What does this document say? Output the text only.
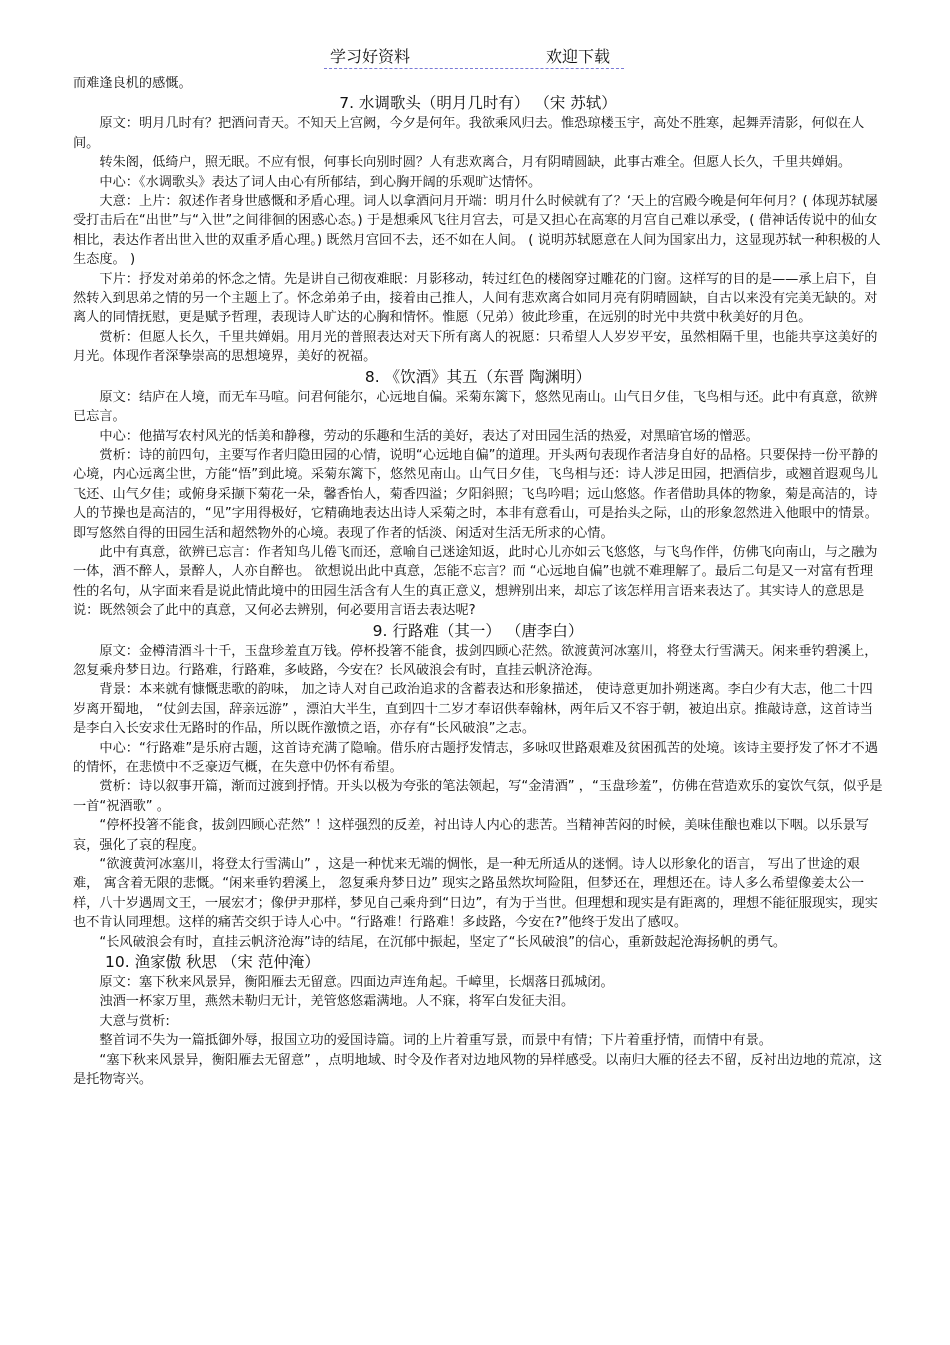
学习好资料	欢迎下载

而难逢良机的感慨。

7. 水调歌头（明月几时有） （宋 苏轼）

原文：明月几时有？把酒问青天。不知天上宫阙，今夕是何年。我欲乘风归去。惟恐琼楼玉宇，高处不胜寒，起舞弄清影，何似在人间。

转朱阁，低绮户，照无眠。不应有恨，何事长向别时圆？人有悲欢离合，月有阴晴圆缺，此事古难全。但愿人长久，千里共婵娟。

中心：《水调歌头》表达了词人由心有所郁结，到心胸开阔的乐观旷达情怀。

大意：上片：叙述作者身世感慨和矛盾心理。词人以拿酒问月开端：明月什么时候就有了？‘天上的宫殿今晚是何年何月？( 体现苏轼屡受打击后在“出世”与“入世”之间徘徊的困惑心态。) 于是想乘风飞往月宫去，可是又担心在高寒的月宫自己难以承受，( 借神话传说中的仙女相比，表达作者出世入世的双重矛盾心理。) 既然月宫回不去，还不如在人间。 ( 说明苏轼愿意在人间为国家出力，这显现苏轼一种积极的人生态度。 )

下片：抒发对弟弟的怀念之情。先是讲自己彻夜难眠：月影移动，转过红色的楼阁穿过雕花的门窗。这样写的目的是——承上启下，自然转入到思弟之情的另一个主题上了。怀念弟弟子由，接着由己推人，人间有悲欢离合如同月亮有阴晴圆缺，自古以来没有完美无缺的。对离人的同情抚慰，更是赋予哲理，表现诗人旷达的心胸和情怀。惟愿（兄弟）彼此珍重，在远别的时光中共赏中秋美好的月色。

赏析：但愿人长久，千里共婵娟。用月光的普照表达对天下所有离人的祝愿：只希望人人岁岁平安，虽然相隔千里，也能共享这美好的月光。体现作者深挚崇高的思想境界，美好的祝福。

8. 《饮酒》其五（东晋 陶渊明）

原文：结庐在人境，而无车马喧。问君何能尔，心远地自偏。采菊东篱下，悠然见南山。山气日夕佳，飞鸟相与还。此中有真意，欲辨已忘言。

中心：他描写农村风光的恬美和静穆，劳动的乐趣和生活的美好，表达了对田园生活的热爱，对黑暗官场的憎恶。

赏析：诗的前四句，主要写作者归隐田园的心情，说明“心远地自偏”的道理。开头两句表现作者洁身自好的品格。只要保持一份平静的心境，内心远离尘世，方能“悟”到此境。采菊东篱下，悠然见南山。山气日夕佳，飞鸟相与还：诗人涉足田园，把酒信步，或翘首遐观鸟儿飞还、山气夕佳；或俯身采撷下菊花一朵，馨香怡人，菊香四溢；夕阳斜照；飞鸟吟唱；远山悠悠。作者借助具体的物象，菊是高洁的，诗人的节操也是高洁的，“见”字用得极好，它精确地表达出诗人采菊之时，本非有意看山，可是抬头之际，山的形象忽然进入他眼中的情景。即写悠然自得的田园生活和超然物外的心境。表现了作者的恬淡、闲适对生活无所求的心情。

此中有真意，欲辨已忘言：作者知鸟儿倦飞而还，意喻自己迷途知返，此时心儿亦如云飞悠悠，与飞鸟作伴，仿佛飞向南山，与之融为一体，酒不醉人，景醉人，人亦自醉也。 欲想说出此中真意，怎能不忘言？而 “心远地自偏”也就不难理解了。最后二句是又一对富有哲理性的名句，从字面来看是说此情此境中的田园生活含有人生的真正意义，想辨别出来，却忘了该怎样用言语来表达了。其实诗人的意思是说：既然领会了此中的真意，又何必去辨别，何必要用言语去表达呢?

9. 行路难（其一） （唐李白）

原文：金樽清酒斗十千，玉盘珍羞直万钱。停杯投箸不能食，拔剑四顾心茫然。欲渡黄河冰塞川，将登太行雪满天。闲来垂钓碧溪上，忽复乘舟梦日边。行路难，行路难，多岐路，今安在？长风破浪会有时，直挂云帆济沧海。

背景：本来就有慷慨悲歌的韵味， 加之诗人对自己政治追求的含蓄表达和形象描述， 使诗意更加扑朔迷离。李白少有大志，他二十四岁离开蜀地， “仗剑去国，辞亲远游” ，漂泊大半生，直到四十二岁才奉诏供奉翰林，两年后又不容于朝，被迫出京。推敲诗意，这首诗当是李白入长安求仕无路时的作品，所以既作激愤之语，亦存有“长风破浪”之志。

中心：“行路难”是乐府古题，这首诗充满了隐喻。借乐府古题抒发情志，多咏叹世路艰难及贫困孤苦的处境。该诗主要抒发了怀才不遇的情怀，在悲愤中不乏豪迈气概，在失意中仍怀有希望。

赏析：诗以叙事开篇，渐而过渡到抒情。开头以极为夸张的笔法领起，写“金清酒” ，“玉盘珍羞”，仿佛在营造欢乐的宴饮气氛，似乎是一首“祝酒歌” 。

“停杯投箸不能食，拔剑四顾心茫然” ！这样强烈的反差，衬出诗人内心的悲苦。当精神苦闷的时候，美味佳酿也难以下咽。以乐景写哀，强化了哀的程度。

“欲渡黄河冰塞川，将登太行雪满山” ，这是一种忧来无端的惆怅，是一种无所适从的迷惘。诗人以形象化的语言， 写出了世途的艰难， 寓含着无限的悲慨。“闲来垂钓碧溪上， 忽复乘舟梦日边” 现实之路虽然坎坷险阻，但梦还在，理想还在。诗人多么希望像姜太公一样，八十岁遇周文王，一展宏才；像伊尹那样，梦见自己乘舟到“日边”，有为于当世。但理想和现实是有距离的，理想不能征服现实，现实也不肯认同理想。这样的痛苦交织于诗人心中。“行路难！行路难！多歧路，今安在?”他终于发出了感叹。

“长风破浪会有时，直挂云帆济沧海”诗的结尾，在沉郁中振起，坚定了“长风破浪”的信心，重新鼓起沧海扬帆的勇气。

10. 渔家傲 秋思 （宋 范仲淹）

原文：塞下秋来风景异，衡阳雁去无留意。四面边声连角起。千嶂里，长烟落日孤城闭。

浊酒一杯家万里，燕然未勒归无计，羌管悠悠霜满地。人不寐，将军白发征夫泪。

大意与赏析:

整首词不失为一篇抵御外辱，报国立功的爱国诗篇。词的上片着重写景，而景中有情；下片着重抒情，而情中有景。

“塞下秋来风景异，衡阳雁去无留意” ，点明地域、时令及作者对边地风物的异样感受。以南归大雁的径去不留，反衬出边地的荒凉，这是托物寄兴。
